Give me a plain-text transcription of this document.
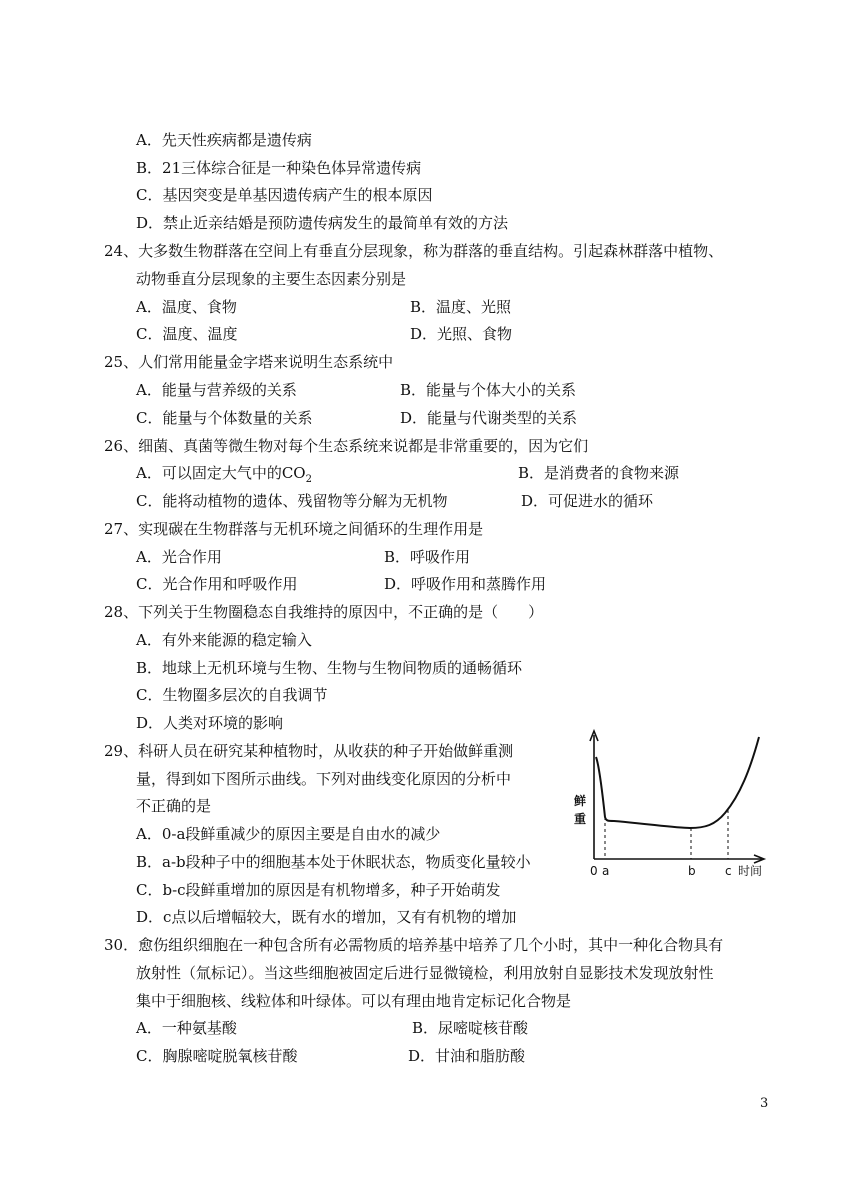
A．先天性疾病都是遗传病
B．21三体综合征是一种染色体异常遗传病
C．基因突变是单基因遗传病产生的根本原因
D．禁止近亲结婚是预防遗传病发生的最简单有效的方法
24、大多数生物群落在空间上有垂直分层现象，称为群落的垂直结构。引起森林群落中植物、
动物垂直分层现象的主要生态因素分别是
A．温度、食物	B．温度、光照
C．温度、温度	D．光照、食物
25、人们常用能量金字塔来说明生态系统中
A．能量与营养级的关系	B．能量与个体大小的关系
C．能量与个体数量的关系	D．能量与代谢类型的关系
26、细菌、真菌等微生物对每个生态系统来说都是非常重要的，因为它们
A．可以固定大气中的$CO_2$	B．是消费者的食物来源
C．能将动植物的遗体、残留物等分解为无机物	D．可促进水的循环
27、实现碳在生物群落与无机环境之间循环的生理作用是
A．光合作用	B．呼吸作用
C．光合作用和呼吸作用	D．呼吸作用和蒸腾作用
28、下列关于生物圈稳态自我维持的原因中，不正确的是（　　）
A．有外来能源的稳定输入
B．地球上无机环境与生物、生物与生物间物质的通畅循环
C．生物圈多层次的自我调节
D．人类对环境的影响
29、科研人员在研究某种植物时，从收获的种子开始做鲜重测
量，得到如下图所示曲线。下列对曲线变化原因的分析中
不正确的是
A．0-a段鲜重减少的原因主要是自由水的减少
B．a-b段种子中的细胞基本处于休眠状态，物质变化量较小
C．b-c段鲜重增加的原因是有机物增多，种子开始萌发
D．c点以后增幅较大，既有水的增加，又有有机物的增加
鲜
重
0 a	b c 时间
30．愈伤组织细胞在一种包含所有必需物质的培养基中培养了几个小时，其中一种化合物具有
放射性（氚标记）。当这些细胞被固定后进行显微镜检，利用放射自显影技术发现放射性
集中于细胞核、线粒体和叶绿体。可以有理由地肯定标记化合物是
A．一种氨基酸	B．尿嘧啶核苷酸
C．胸腺嘧啶脱氧核苷酸	D．甘油和脂肪酸
3
